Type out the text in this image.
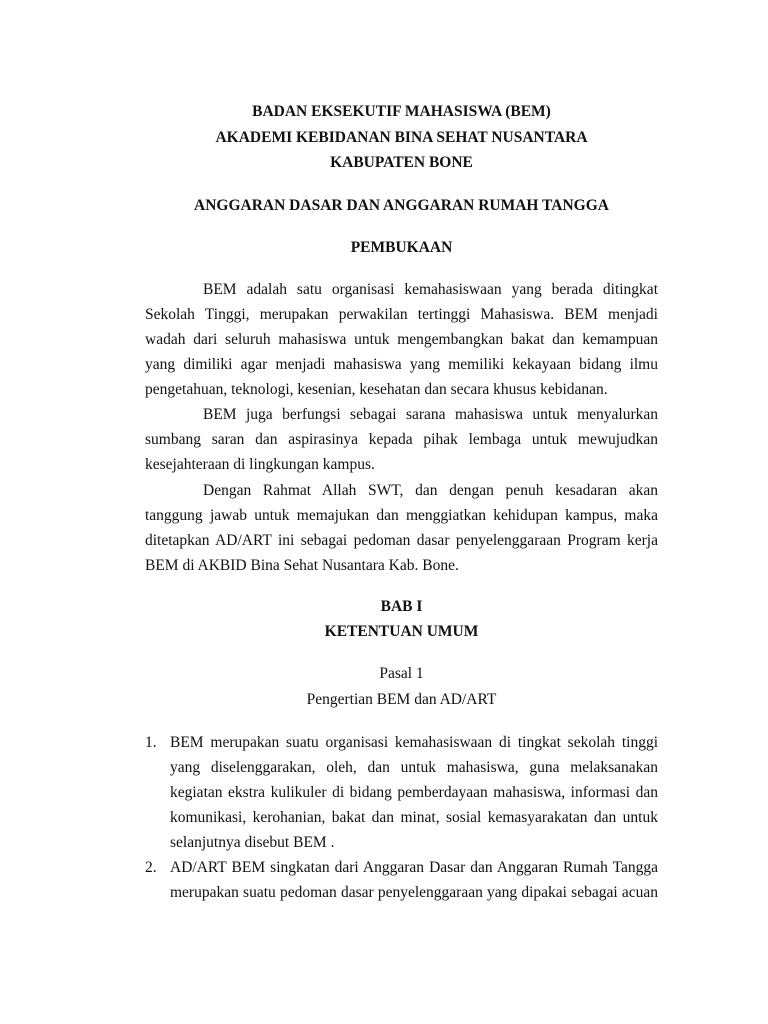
BADAN EKSEKUTIF MAHASISWA (BEM)
AKADEMI KEBIDANAN BINA SEHAT NUSANTARA
KABUPATEN BONE
ANGGARAN DASAR DAN ANGGARAN RUMAH TANGGA
PEMBUKAAN
BEM adalah satu organisasi kemahasiswaan yang berada ditingkat
Sekolah Tinggi, merupakan perwakilan tertinggi Mahasiswa. BEM menjadi
wadah dari seluruh mahasiswa untuk mengembangkan bakat dan kemampuan
yang dimiliki agar menjadi mahasiswa yang memiliki kekayaan bidang ilmu
pengetahuan, teknologi, kesenian, kesehatan dan secara khusus kebidanan.
BEM juga berfungsi sebagai sarana mahasiswa untuk menyalurkan
sumbang saran dan aspirasinya kepada pihak lembaga untuk mewujudkan
kesejahteraan di lingkungan kampus.
Dengan Rahmat Allah SWT, dan dengan penuh kesadaran akan
tanggung jawab untuk memajukan dan menggiatkan kehidupan kampus, maka
ditetapkan AD/ART ini sebagai pedoman dasar penyelenggaraan Program kerja
BEM di AKBID Bina Sehat Nusantara Kab. Bone.
BAB I
KETENTUAN UMUM
Pasal 1
Pengertian BEM dan AD/ART
1. BEM merupakan suatu organisasi kemahasiswaan di tingkat sekolah tinggi
yang diselenggarakan, oleh, dan untuk mahasiswa, guna melaksanakan
kegiatan ekstra kulikuler di bidang pemberdayaan mahasiswa, informasi dan
komunikasi, kerohanian, bakat dan minat, sosial kemasyarakatan dan untuk
selanjutnya disebut BEM .
2. AD/ART BEM singkatan dari Anggaran Dasar dan Anggaran Rumah Tangga
merupakan suatu pedoman dasar penyelenggaraan yang dipakai sebagai acuan
